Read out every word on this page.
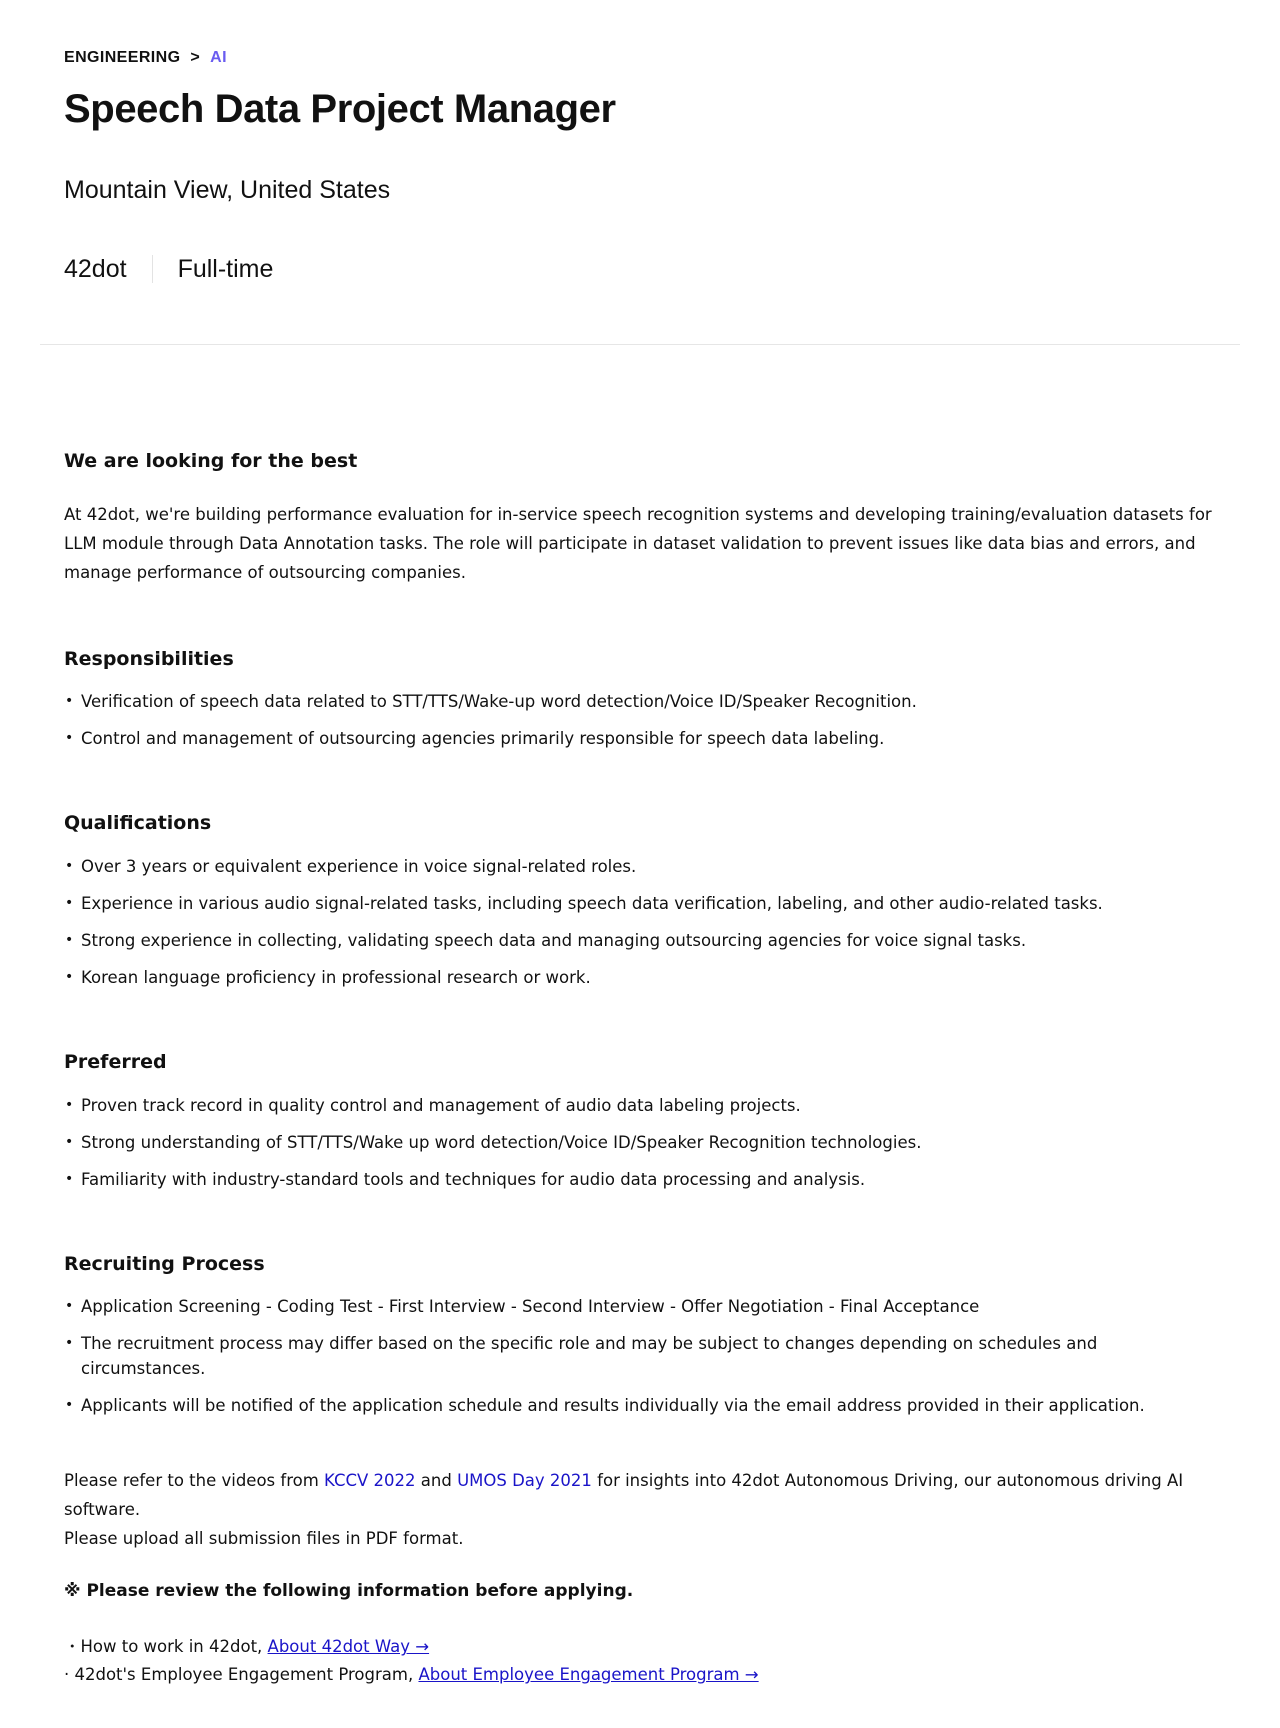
ENGINEERING > AI
Speech Data Project Manager
Mountain View, United States
42dot Full-time
We are looking for the best

At 42dot, we're building performance evaluation for in-service speech recognition systems and developing training/evaluation datasets for LLM module through Data Annotation tasks. The role will participate in dataset validation to prevent issues like data bias and errors, and manage performance of outsourcing companies.

Responsibilities
• Verification of speech data related to STT/TTS/Wake-up word detection/Voice ID/Speaker Recognition.
• Control and management of outsourcing agencies primarily responsible for speech data labeling.
Qualifications
• Over 3 years or equivalent experience in voice signal-related roles.
• Experience in various audio signal-related tasks, including speech data verification, labeling, and other audio-related tasks.
• Strong experience in collecting, validating speech data and managing outsourcing agencies for voice signal tasks.
• Korean language proficiency in professional research or work.
Preferred
• Proven track record in quality control and management of audio data labeling projects.
• Strong understanding of STT/TTS/Wake up word detection/Voice ID/Speaker Recognition technologies.
• Familiarity with industry-standard tools and techniques for audio data processing and analysis.
Recruiting Process
• Application Screening - Coding Test - First Interview - Second Interview - Offer Negotiation - Final Acceptance
• The recruitment process may differ based on the specific role and may be subject to changes depending on schedules and circumstances.
• Applicants will be notified of the application schedule and results individually via the email address provided in their application.
Please refer to the videos from KCCV 2022 and UMOS Day 2021 for insights into 42dot Autonomous Driving, our autonomous driving AI software.
Please upload all submission files in PDF format.
※ Please review the following information before applying.
・How to work in 42dot, About 42dot Way →
· 42dot's Employee Engagement Program, About Employee Engagement Program →
